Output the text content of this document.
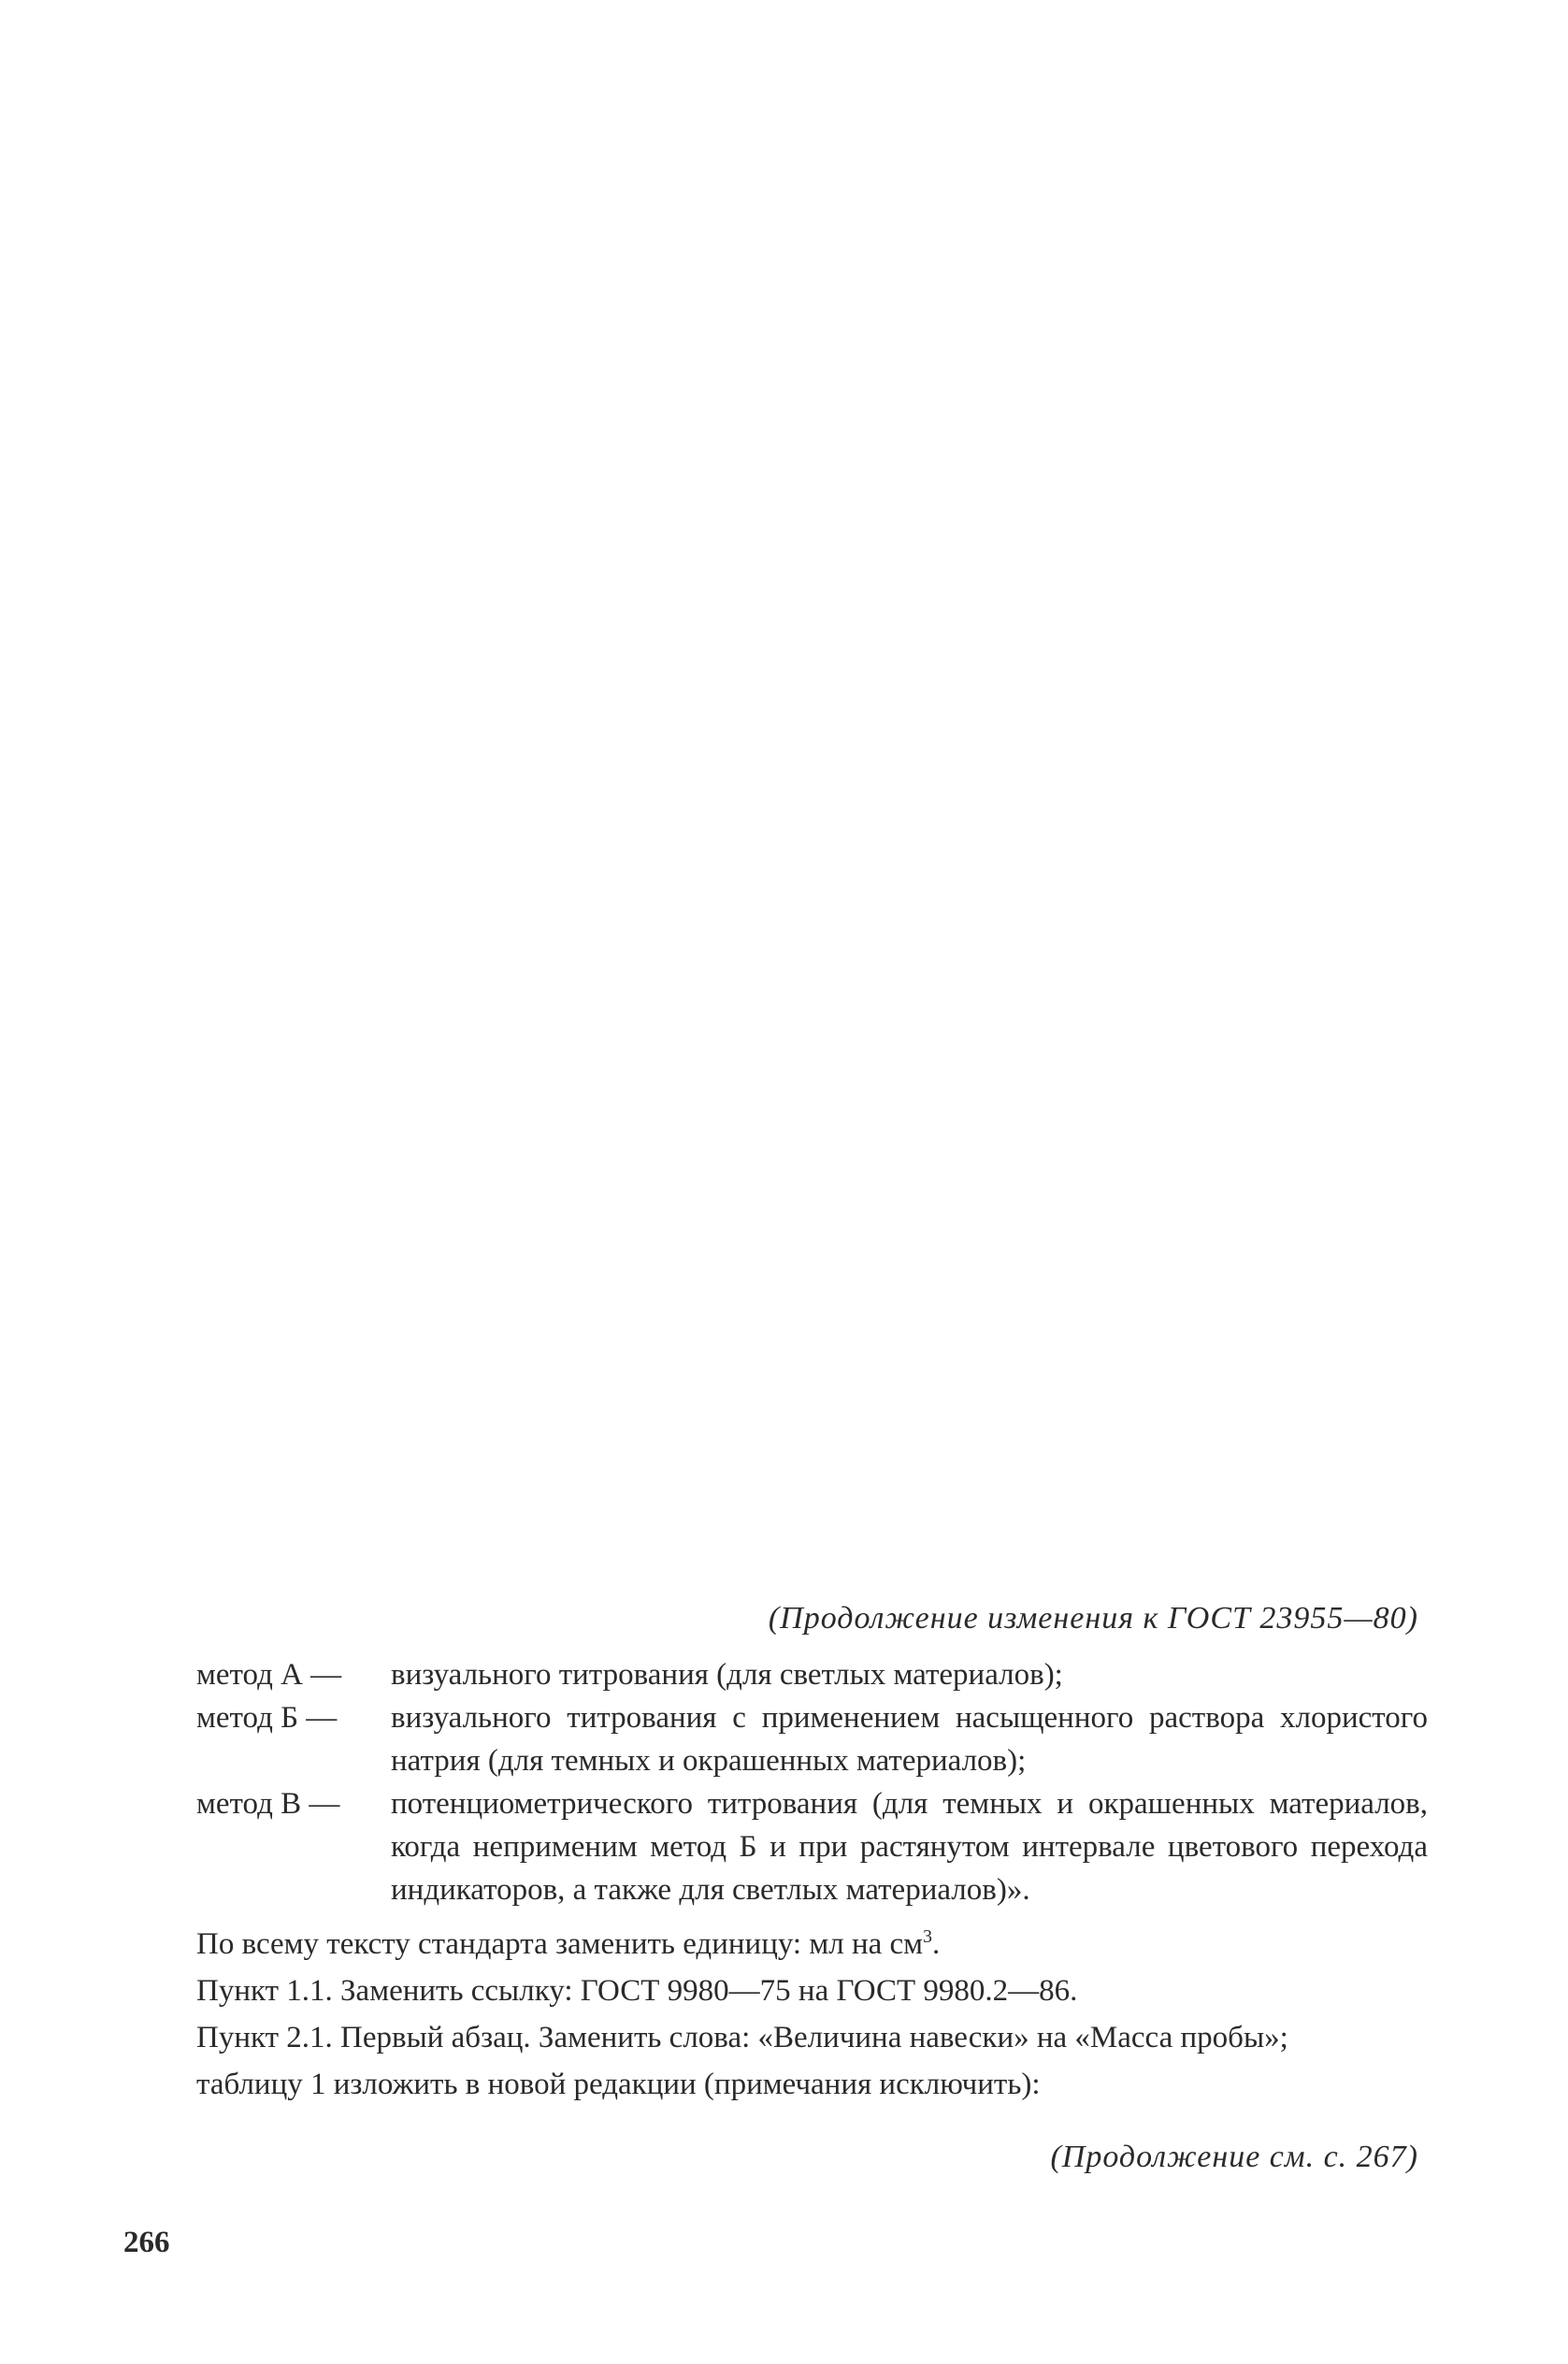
(Продолжение изменения к ГОСТ 23955—80)
метод А —	визуального титрования (для светлых материалов);
метод Б —	визуального титрования с применением насыщенного раствора хлористого натрия (для темных и окрашенных материалов);
метод В —	потенциометрического титрования (для темных и окрашенных материалов, когда неприменим метод Б и при растянутом интервале цветового перехода индикаторов, а также для светлых материалов)».
По всему тексту стандарта заменить единицу: мл на $см^3$.
Пункт 1.1. Заменить ссылку: ГОСТ 9980—75 на ГОСТ 9980.2—86.
Пункт 2.1. Первый абзац. Заменить слова: «Величина навески» на «Масса пробы»;
таблицу 1 изложить в новой редакции (примечания исключить):
(Продолжение см. с. 267)
266
